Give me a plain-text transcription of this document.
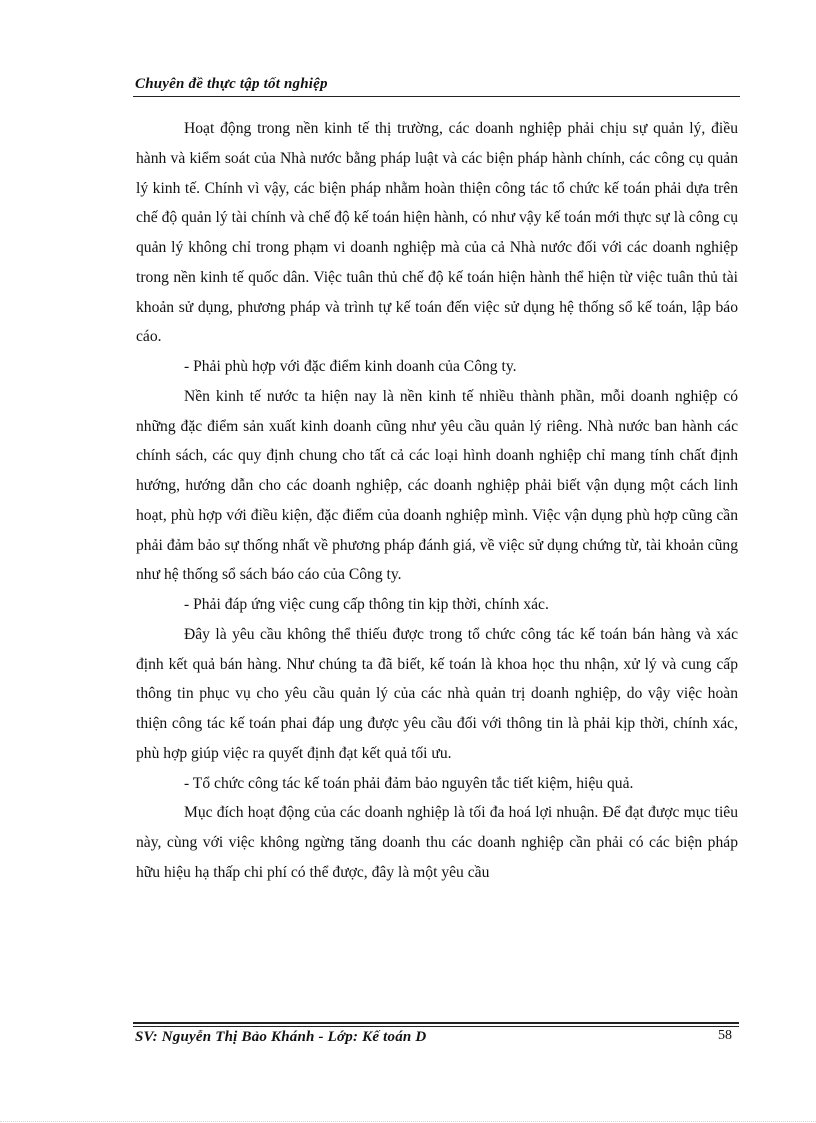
Chuyên đề thực tập tốt nghiệp

Hoạt động trong nền kinh tế thị trường, các doanh nghiệp phải chịu sự quản lý, điều hành và kiểm soát của Nhà nước bằng pháp luật và các biện pháp hành chính, các công cụ quản lý kinh tế. Chính vì vậy, các biện pháp nhằm hoàn thiện công tác tổ chức kế toán phải dựa trên chế độ quản lý tài chính và chế độ kế toán hiện hành, có như vậy kế toán mới thực sự là công cụ quản lý không chỉ trong phạm vi doanh nghiệp mà của cả Nhà nước đối với các doanh nghiệp trong nền kinh tế quốc dân. Việc tuân thủ chế độ kế toán hiện hành thể hiện từ việc tuân thủ tài khoản sử dụng, phương pháp và trình tự kế toán đến việc sử dụng hệ thống sổ kế toán, lập báo cáo.

- Phải phù hợp với đặc điểm kinh doanh của Công ty.

Nền kinh tế nước ta hiện nay là nền kinh tế nhiều thành phần, mỗi doanh nghiệp có những đặc điểm sản xuất kinh doanh cũng như yêu cầu quản lý riêng. Nhà nước ban hành các chính sách, các quy định chung cho tất cả các loại hình doanh nghiệp chỉ mang tính chất định hướng, hướng dẫn cho các doanh nghiệp, các doanh nghiệp phải biết vận dụng một cách linh hoạt, phù hợp với điều kiện, đặc điểm của doanh nghiệp mình. Việc vận dụng phù hợp cũng cần phải đảm bảo sự thống nhất về phương pháp đánh giá, về việc sử dụng chứng từ, tài khoản cũng như hệ thống sổ sách báo cáo của Công ty.

- Phải đáp ứng việc cung cấp thông tin kịp thời, chính xác.

Đây là yêu cầu không thể thiếu được trong tổ chức công tác kế toán bán hàng và xác định kết quả bán hàng. Như chúng ta đã biết, kế toán là khoa học thu nhận, xử lý và cung cấp thông tin phục vụ cho yêu cầu quản lý của các nhà quản trị doanh nghiệp, do vậy việc hoàn thiện công tác kế toán phai đáp ung được yêu cầu đối với thông tin là phải kịp thời, chính xác, phù hợp giúp việc ra quyết định đạt kết quả tối ưu.

- Tổ chức công tác kế toán phải đảm bảo nguyên tắc tiết kiệm, hiệu quả.

Mục đích hoạt động của các doanh nghiệp là tối đa hoá lợi nhuận. Để đạt được mục tiêu này, cùng với việc không ngừng tăng doanh thu các doanh nghiệp cần phải có các biện pháp hữu hiệu hạ thấp chi phí có thể được, đây là một yêu cầu

SV: Nguyễn Thị Bảo Khánh - Lớp: Kế toán D	58
